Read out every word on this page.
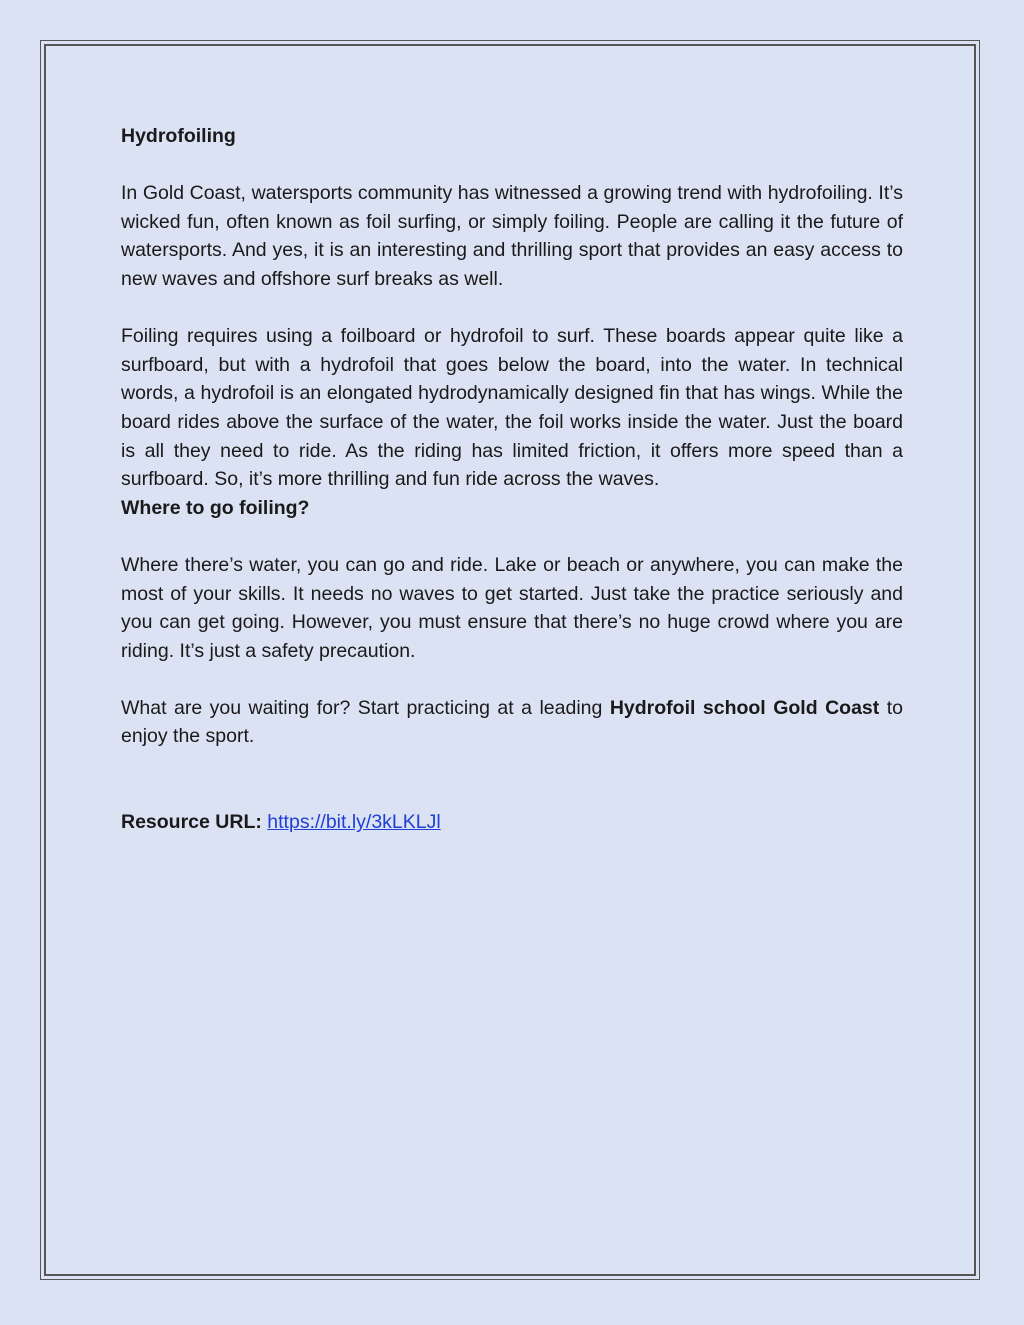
Hydrofoiling

In Gold Coast, watersports community has witnessed a growing trend with hydrofoiling. It’s wicked fun, often known as foil surfing, or simply foiling. People are calling it the future of watersports. And yes, it is an interesting and thrilling sport that provides an easy access to new waves and offshore surf breaks as well.

Foiling requires using a foilboard or hydrofoil to surf. These boards appear quite like a surfboard, but with a hydrofoil that goes below the board, into the water. In technical words, a hydrofoil is an elongated hydrodynamically designed fin that has wings. While the board rides above the surface of the water, the foil works inside the water. Just the board is all they need to ride. As the riding has limited friction, it offers more speed than a surfboard. So, it’s more thrilling and fun ride across the waves.

Where to go foiling?

Where there’s water, you can go and ride. Lake or beach or anywhere, you can make the most of your skills. It needs no waves to get started. Just take the practice seriously and you can get going. However, you must ensure that there’s no huge crowd where you are riding. It’s just a safety precaution.

What are you waiting for? Start practicing at a leading Hydrofoil school Gold Coast to enjoy the sport.

Resource URL: https://bit.ly/3kLKLJl
